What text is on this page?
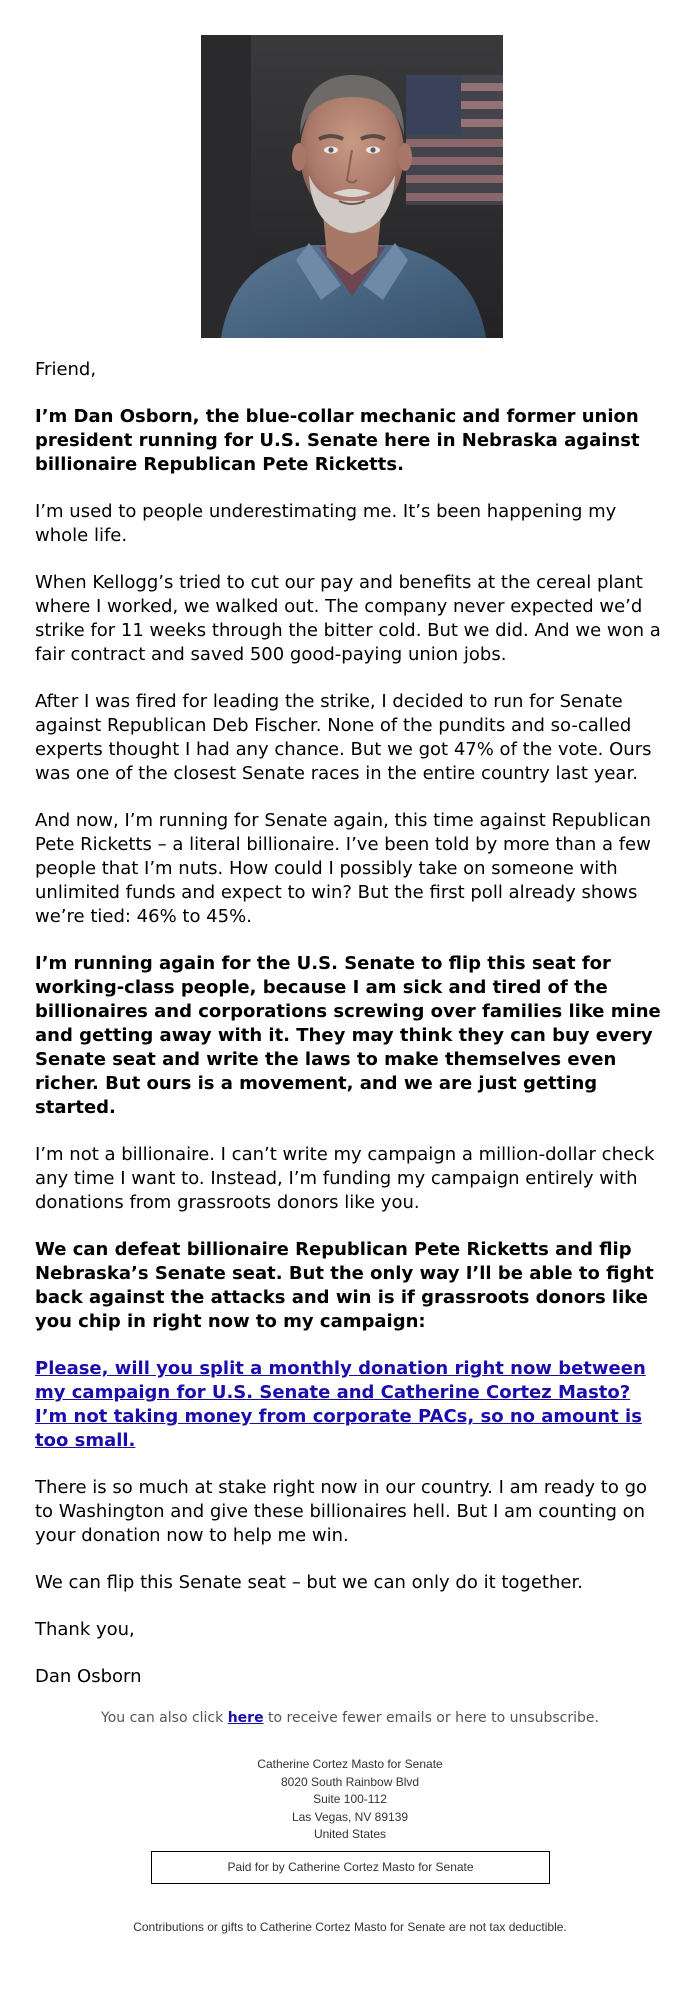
Friend,

I’m Dan Osborn, the blue-collar mechanic and former union president running for U.S. Senate here in Nebraska against billionaire Republican Pete Ricketts.

I’m used to people underestimating me. It’s been happening my whole life.

When Kellogg’s tried to cut our pay and benefits at the cereal plant where I worked, we walked out. The company never expected we’d strike for 11 weeks through the bitter cold. But we did. And we won a fair contract and saved 500 good-paying union jobs.

After I was fired for leading the strike, I decided to run for Senate against Republican Deb Fischer. None of the pundits and so-called experts thought I had any chance. But we got 47% of the vote. Ours was one of the closest Senate races in the entire country last year.

And now, I’m running for Senate again, this time against Republican Pete Ricketts – a literal billionaire. I’ve been told by more than a few people that I’m nuts. How could I possibly take on someone with unlimited funds and expect to win? But the first poll already shows we’re tied: 46% to 45%.

I’m running again for the U.S. Senate to flip this seat for working-class people, because I am sick and tired of the billionaires and corporations screwing over families like mine and getting away with it. They may think they can buy every Senate seat and write the laws to make themselves even richer. But ours is a movement, and we are just getting started.

I’m not a billionaire. I can’t write my campaign a million-dollar check any time I want to. Instead, I’m funding my campaign entirely with donations from grassroots donors like you.

We can defeat billionaire Republican Pete Ricketts and flip Nebraska’s Senate seat. But the only way I’ll be able to fight back against the attacks and win is if grassroots donors like you chip in right now to my campaign:

Please, will you split a monthly donation right now between my campaign for U.S. Senate and Catherine Cortez Masto? I’m not taking money from corporate PACs, so no amount is too small.

There is so much at stake right now in our country. I am ready to go to Washington and give these billionaires hell. But I am counting on your donation now to help me win.

We can flip this Senate seat – but we can only do it together.

Thank you,

Dan Osborn

You can also click here to receive fewer emails or here to unsubscribe.
Catherine Cortez Masto for Senate
8020 South Rainbow Blvd
Suite 100-112
Las Vegas, NV 89139
United States
Paid for by Catherine Cortez Masto for Senate
Contributions or gifts to Catherine Cortez Masto for Senate are not tax deductible.
